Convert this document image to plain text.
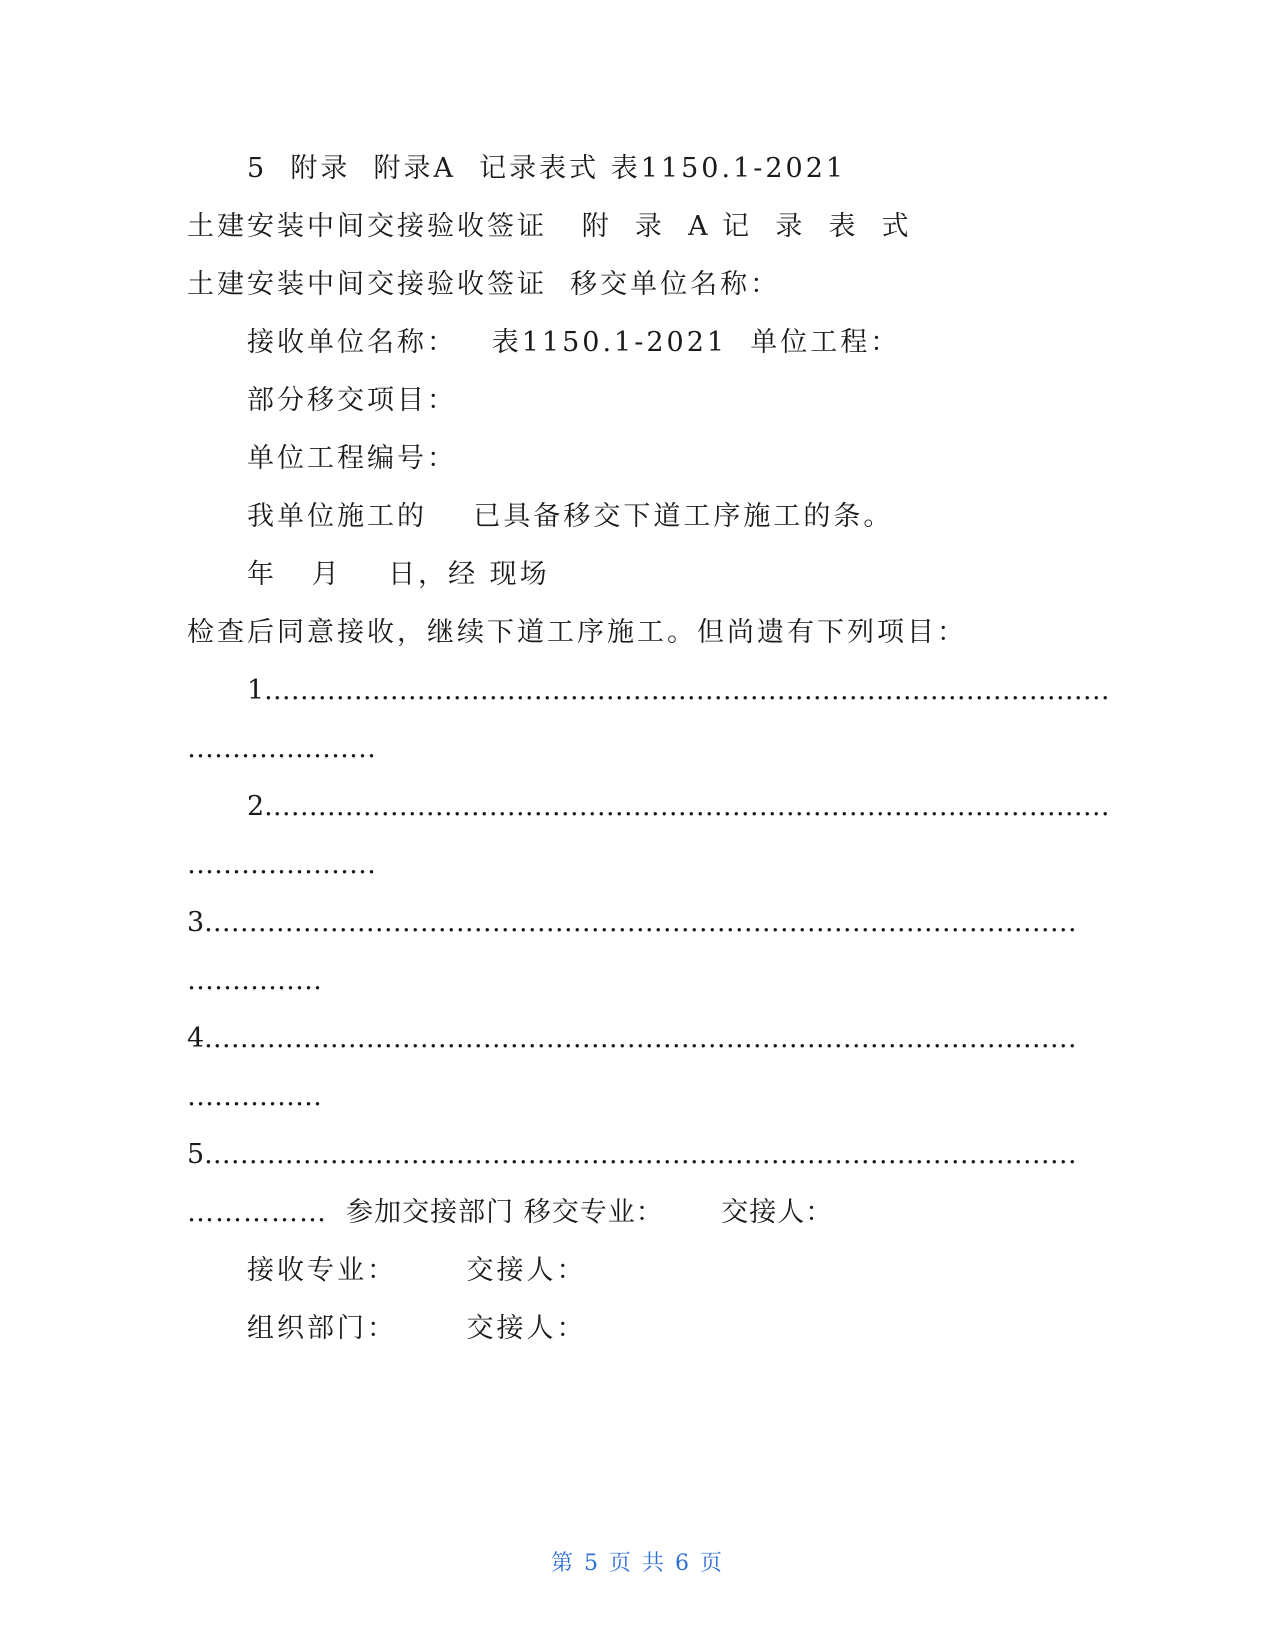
5  附录  附录A  记录表式 表1150.1-2021
土建安装中间交接验收签证   附  录  A 记  录  表  式
土建安装中间交接验收签证  移交单位名称：
接收单位名称：   表1150.1-2021  单位工程：
部分移交项目：
单位工程编号：
我单位施工的    已具备移交下道工序施工的条。
年   月    日，经 现场
检查后同意接收，继续下道工序施工。但尚遗有下列项目：
1.…………………………………………………………………………………
…………………
2.…………………………………………………………………………………
…………………
3.……………………………………………………………………………………
……………
4.……………………………………………………………………………………
……………
5.……………………………………………………………………………………
……………  参加交接部门 移交专业：      交接人：
接收专业：      交接人：
组织部门：      交接人：
第 5 页 共 6 页
